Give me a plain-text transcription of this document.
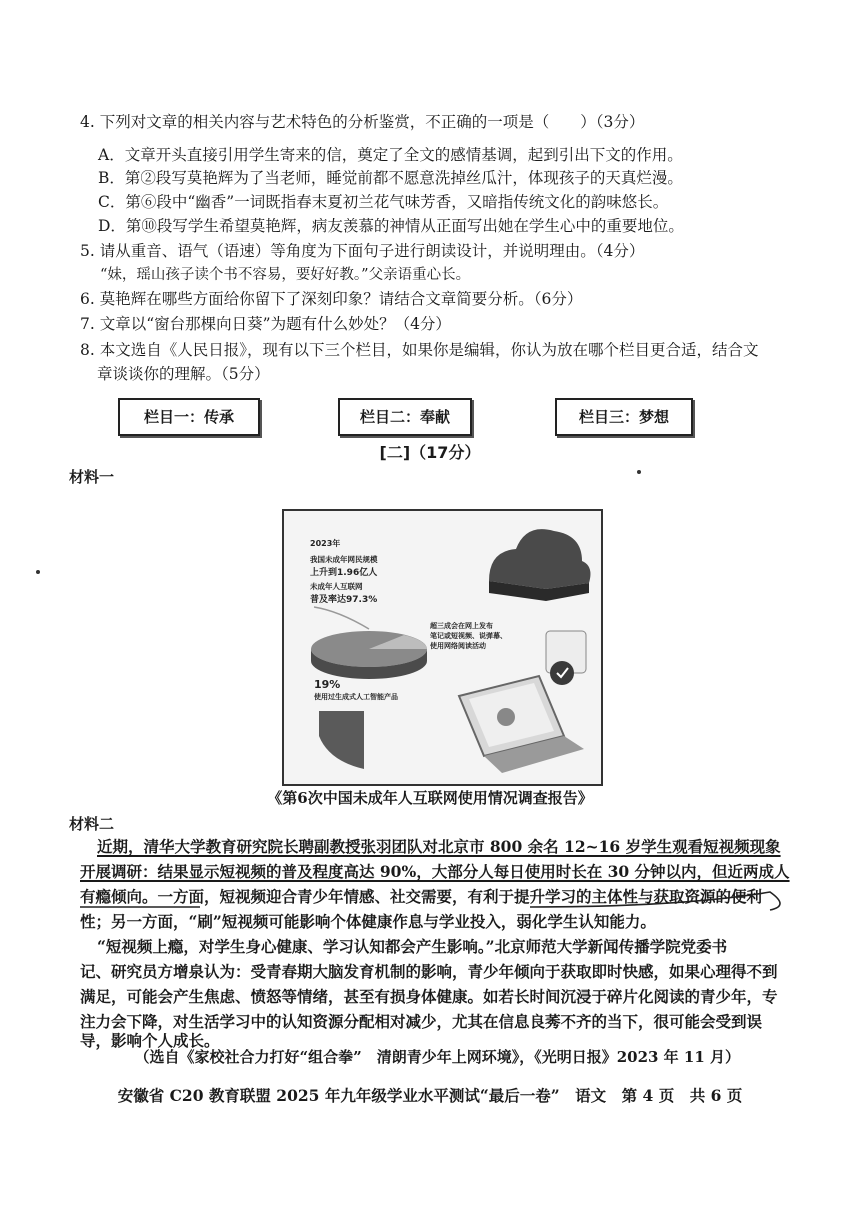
4. 下列对文章的相关内容与艺术特色的分析鉴赏，不正确的一项是（　　）（3分）
A．文章开头直接引用学生寄来的信，奠定了全文的感情基调，起到引出下文的作用。
B．第②段写莫艳辉为了当老师，睡觉前都不愿意洗掉丝瓜汁，体现孩子的天真烂漫。
C．第⑥段中“幽香”一词既指春末夏初兰花气味芳香，又暗指传统文化的韵味悠长。
D．第⑩段写学生希望莫艳辉，病友羡慕的神情从正面写出她在学生心中的重要地位。
5. 请从重音、语气（语速）等角度为下面句子进行朗读设计，并说明理由。（4分）
“妹，瑶山孩子读个书不容易，要好好教。”父亲语重心长。
6. 莫艳辉在哪些方面给你留下了深刻印象？请结合文章简要分析。（6分）
7. 文章以“窗台那棵向日葵”为题有什么妙处？（4分）
8. 本文选自《人民日报》，现有以下三个栏目，如果你是编辑，你认为放在哪个栏目更合适，结合文
章谈谈你的理解。（5分）
栏目一：传承	栏目二：奉献	栏目三：梦想
[二]（17分）
材料一
2023年
我国未成年网民规模
上升到1.96亿人
未成年人互联网
普及率达97.3%
超三成会在网上发布
笔记或短视频、说弹幕、
使用网络阅读活动
19%
使用过生成式人工智能产品
《第6次中国未成年人互联网使用情况调查报告》
材料二
近期，清华大学教育研究院长聘副教授张羽团队对北京市 800 余名 12~16 岁学生观看短视频现象
开展调研：结果显示短视频的普及程度高达 90%，大部分人每日使用时长在 30 分钟以内，但近两成人
有瘾倾向。一方面，短视频迎合青少年情感、社交需要，有利于提升学习的主体性与获取资源的便利
性；另一方面，“刷”短视频可能影响个体健康作息与学业投入，弱化学生认知能力。
“短视频上瘾，对学生身心健康、学习认知都会产生影响。”北京师范大学新闻传播学院党委书
记、研究员方增泉认为：受青春期大脑发育机制的影响，青少年倾向于获取即时快感，如果心理得不到
满足，可能会产生焦虑、愤怒等情绪，甚至有损身体健康。如若长时间沉浸于碎片化阅读的青少年，专
注力会下降，对生活学习中的认知资源分配相对减少，尤其在信息良莠不齐的当下，很可能会受到误
导，影响个人成长。
（选自《家校社合力打好“组合拳”　清朗青少年上网环境》，《光明日报》2023 年 11 月）
安徽省 C20 教育联盟 2025 年九年级学业水平测试“最后一卷”　语文　第 4 页　共 6 页
